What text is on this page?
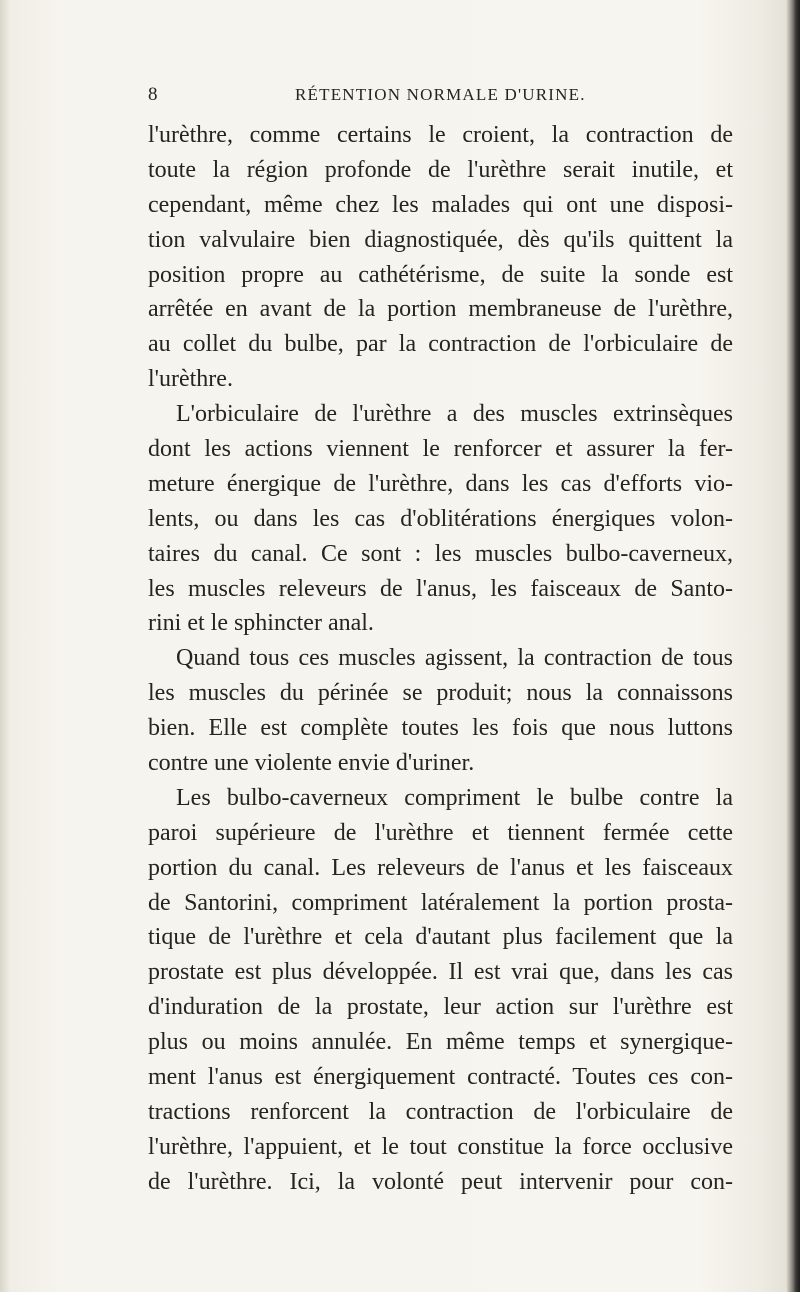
8	RÉTENTION NORMALE D'URINE.
l'urèthre, comme certains le croient, la contraction de
toute la région profonde de l'urèthre serait inutile, et
cependant, même chez les malades qui ont une disposi-
tion valvulaire bien diagnostiquée, dès qu'ils quittent la
position propre au cathétérisme, de suite la sonde est
arrêtée en avant de la portion membraneuse de l'urèthre,
au collet du bulbe, par la contraction de l'orbiculaire de
l'urèthre.
L'orbiculaire de l'urèthre a des muscles extrinsèques
dont les actions viennent le renforcer et assurer la fer-
meture énergique de l'urèthre, dans les cas d'efforts vio-
lents, ou dans les cas d'oblitérations énergiques volon-
taires du canal. Ce sont : les muscles bulbo-caverneux,
les muscles releveurs de l'anus, les faisceaux de Santo-
rini et le sphincter anal.
Quand tous ces muscles agissent, la contraction de tous
les muscles du périnée se produit; nous la connaissons
bien. Elle est complète toutes les fois que nous luttons
contre une violente envie d'uriner.
Les bulbo-caverneux compriment le bulbe contre la
paroi supérieure de l'urèthre et tiennent fermée cette
portion du canal. Les releveurs de l'anus et les faisceaux
de Santorini, compriment latéralement la portion prosta-
tique de l'urèthre et cela d'autant plus facilement que la
prostate est plus développée. Il est vrai que, dans les cas
d'induration de la prostate, leur action sur l'urèthre est
plus ou moins annulée. En même temps et synergique-
ment l'anus est énergiquement contracté. Toutes ces con-
tractions renforcent la contraction de l'orbiculaire de
l'urèthre, l'appuient, et le tout constitue la force occlusive
de l'urèthre. Ici, la volonté peut intervenir pour con-
